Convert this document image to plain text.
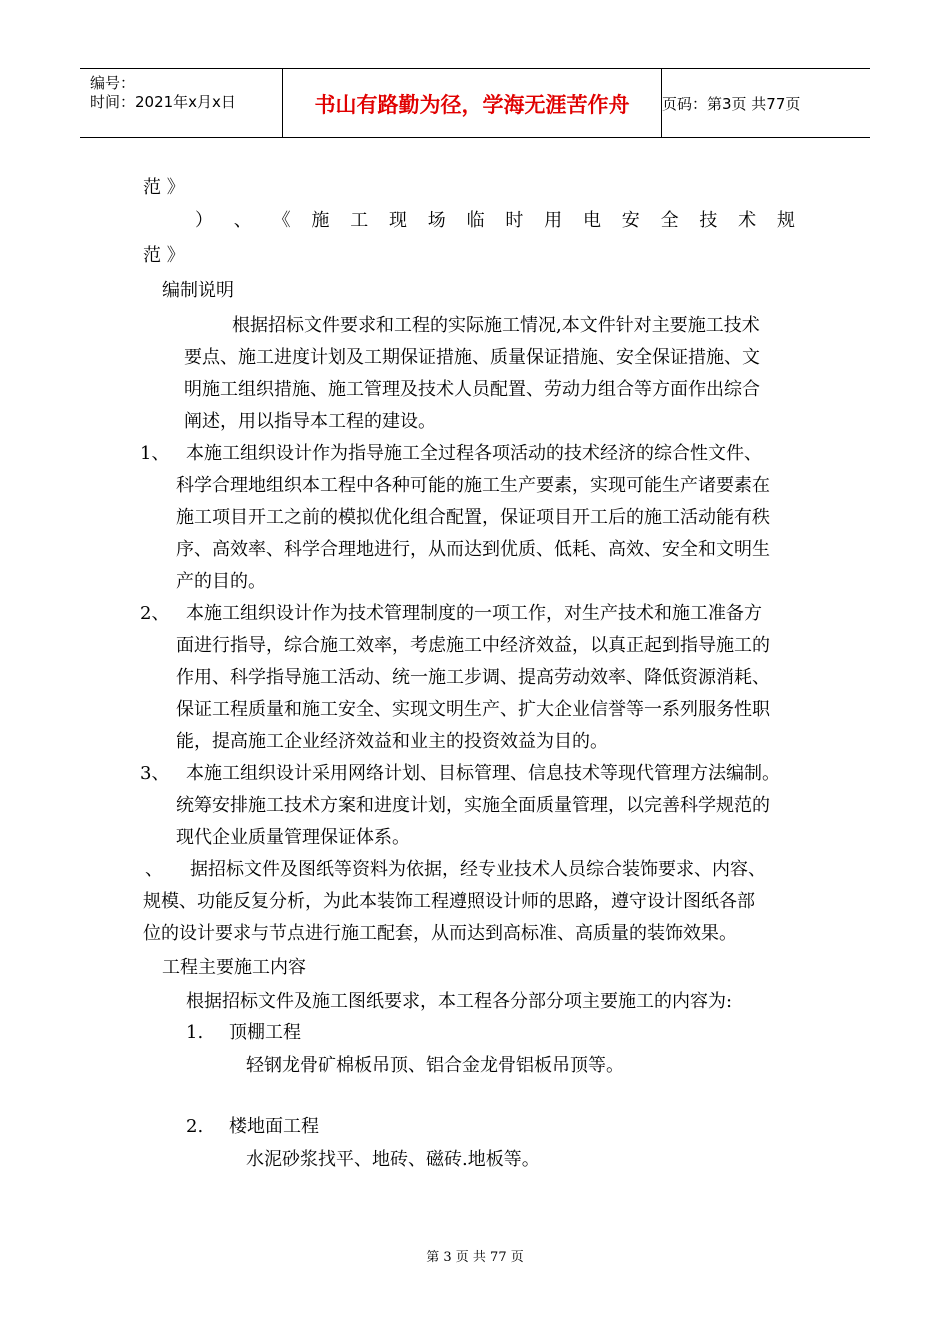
编号：
时间：2021年x月x日	书山有路勤为径，学海无涯苦作舟	页码：第3页 共77页
范 》
） 、 《 施 工 现 场 临 时 用 电 安 全 技 术 规
范 》
编制说明
根据招标文件要求和工程的实际施工情况,本文件针对主要施工技术
要点、施工进度计划及工期保证措施、质量保证措施、安全保证措施、文
明施工组织措施、施工管理及技术人员配置、劳动力组合等方面作出综合
阐述，用以指导本工程的建设。
1、 本施工组织设计作为指导施工全过程各项活动的技术经济的综合性文件、
科学合理地组织本工程中各种可能的施工生产要素，实现可能生产诸要素在
施工项目开工之前的模拟优化组合配置，保证项目开工后的施工活动能有秩
序、高效率、科学合理地进行，从而达到优质、低耗、高效、安全和文明生
产的目的。
2、 本施工组织设计作为技术管理制度的一项工作，对生产技术和施工准备方
面进行指导，综合施工效率，考虑施工中经济效益，以真正起到指导施工的
作用、科学指导施工活动、统一施工步调、提高劳动效率、降低资源消耗、
保证工程质量和施工安全、实现文明生产、扩大企业信誉等一系列服务性职
能，提高施工企业经济效益和业主的投资效益为目的。
3、 本施工组织设计采用网络计划、目标管理、信息技术等现代管理方法编制。
统筹安排施工技术方案和进度计划，实施全面质量管理，以完善科学规范的
现代企业质量管理保证体系。
、 据招标文件及图纸等资料为依据，经专业技术人员综合装饰要求、内容、
规模、功能反复分析，为此本装饰工程遵照设计师的思路，遵守设计图纸各部
位的设计要求与节点进行施工配套，从而达到高标准、高质量的装饰效果。
工程主要施工内容
根据招标文件及施工图纸要求，本工程各分部分项主要施工的内容为:
1. 顶棚工程
轻钢龙骨矿棉板吊顶、铝合金龙骨铝板吊顶等。
2. 楼地面工程
水泥砂浆找平、地砖、磁砖.地板等。
第 3 页 共 77 页
